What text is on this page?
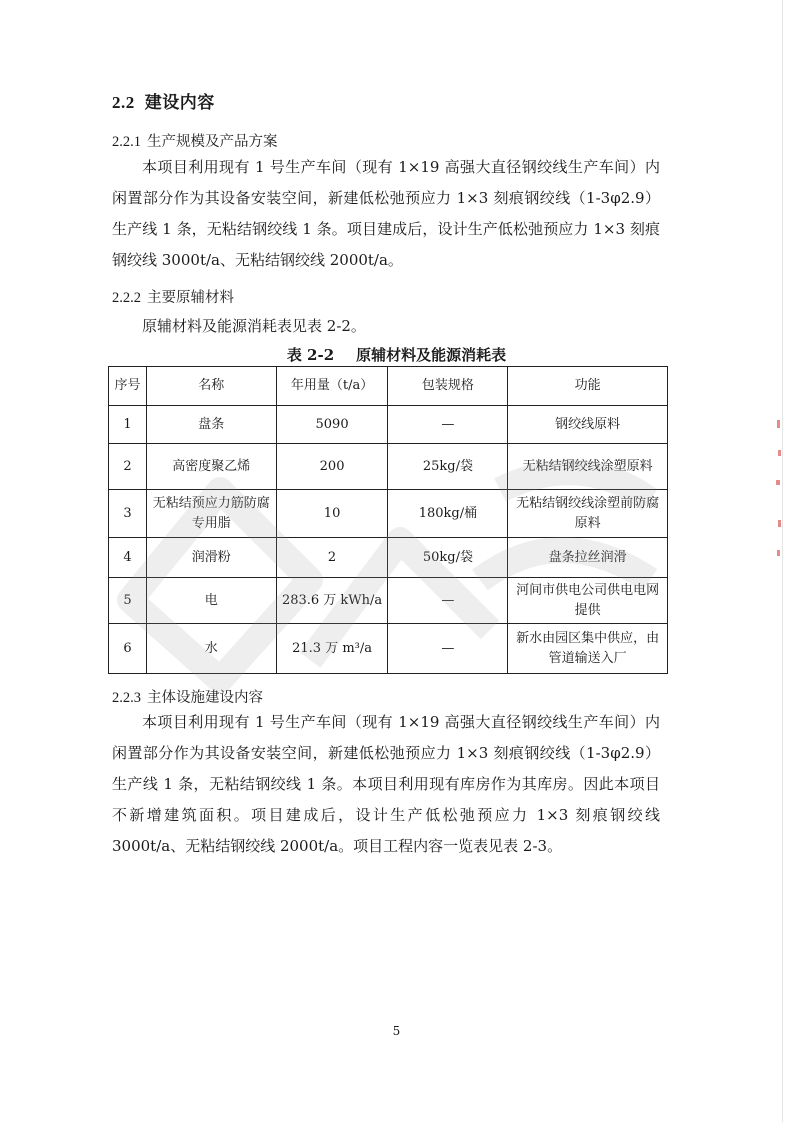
2.2 建设内容
2.2.1 生产规模及产品方案
本项目利用现有 1 号生产车间（现有 1×19 高强大直径钢绞线生产车间）内闲置部分作为其设备安装空间，新建低松弛预应力 1×3 刻痕钢绞线（1-3φ2.9）生产线 1 条，无粘结钢绞线 1 条。项目建成后，设计生产低松弛预应力 1×3 刻痕钢绞线 3000t/a、无粘结钢绞线 2000t/a。
2.2.2 主要原辅材料
原辅材料及能源消耗表见表 2-2。
表 2-2 原辅材料及能源消耗表
序号	名称	年用量（t/a）	包装规格	功能
1	盘条	5090	—	钢绞线原料
2	高密度聚乙烯	200	25kg/袋	无粘结钢绞线涂塑原料
3	无粘结预应力筋防腐专用脂	10	180kg/桶	无粘结钢绞线涂塑前防腐原料
4	润滑粉	2	50kg/袋	盘条拉丝润滑
5	电	283.6 万 kWh/a	—	河间市供电公司供电电网提供
6	水	21.3 万 m³/a	—	新水由园区集中供应，由管道输送入厂
2.2.3 主体设施建设内容
本项目利用现有 1 号生产车间（现有 1×19 高强大直径钢绞线生产车间）内闲置部分作为其设备安装空间，新建低松弛预应力 1×3 刻痕钢绞线（1-3φ2.9）生产线 1 条，无粘结钢绞线 1 条。本项目利用现有库房作为其库房。因此本项目不新增建筑面积。项目建成后，设计生产低松弛预应力 1×3 刻痕钢绞线 3000t/a、无粘结钢绞线 2000t/a。项目工程内容一览表见表 2-3。
5
